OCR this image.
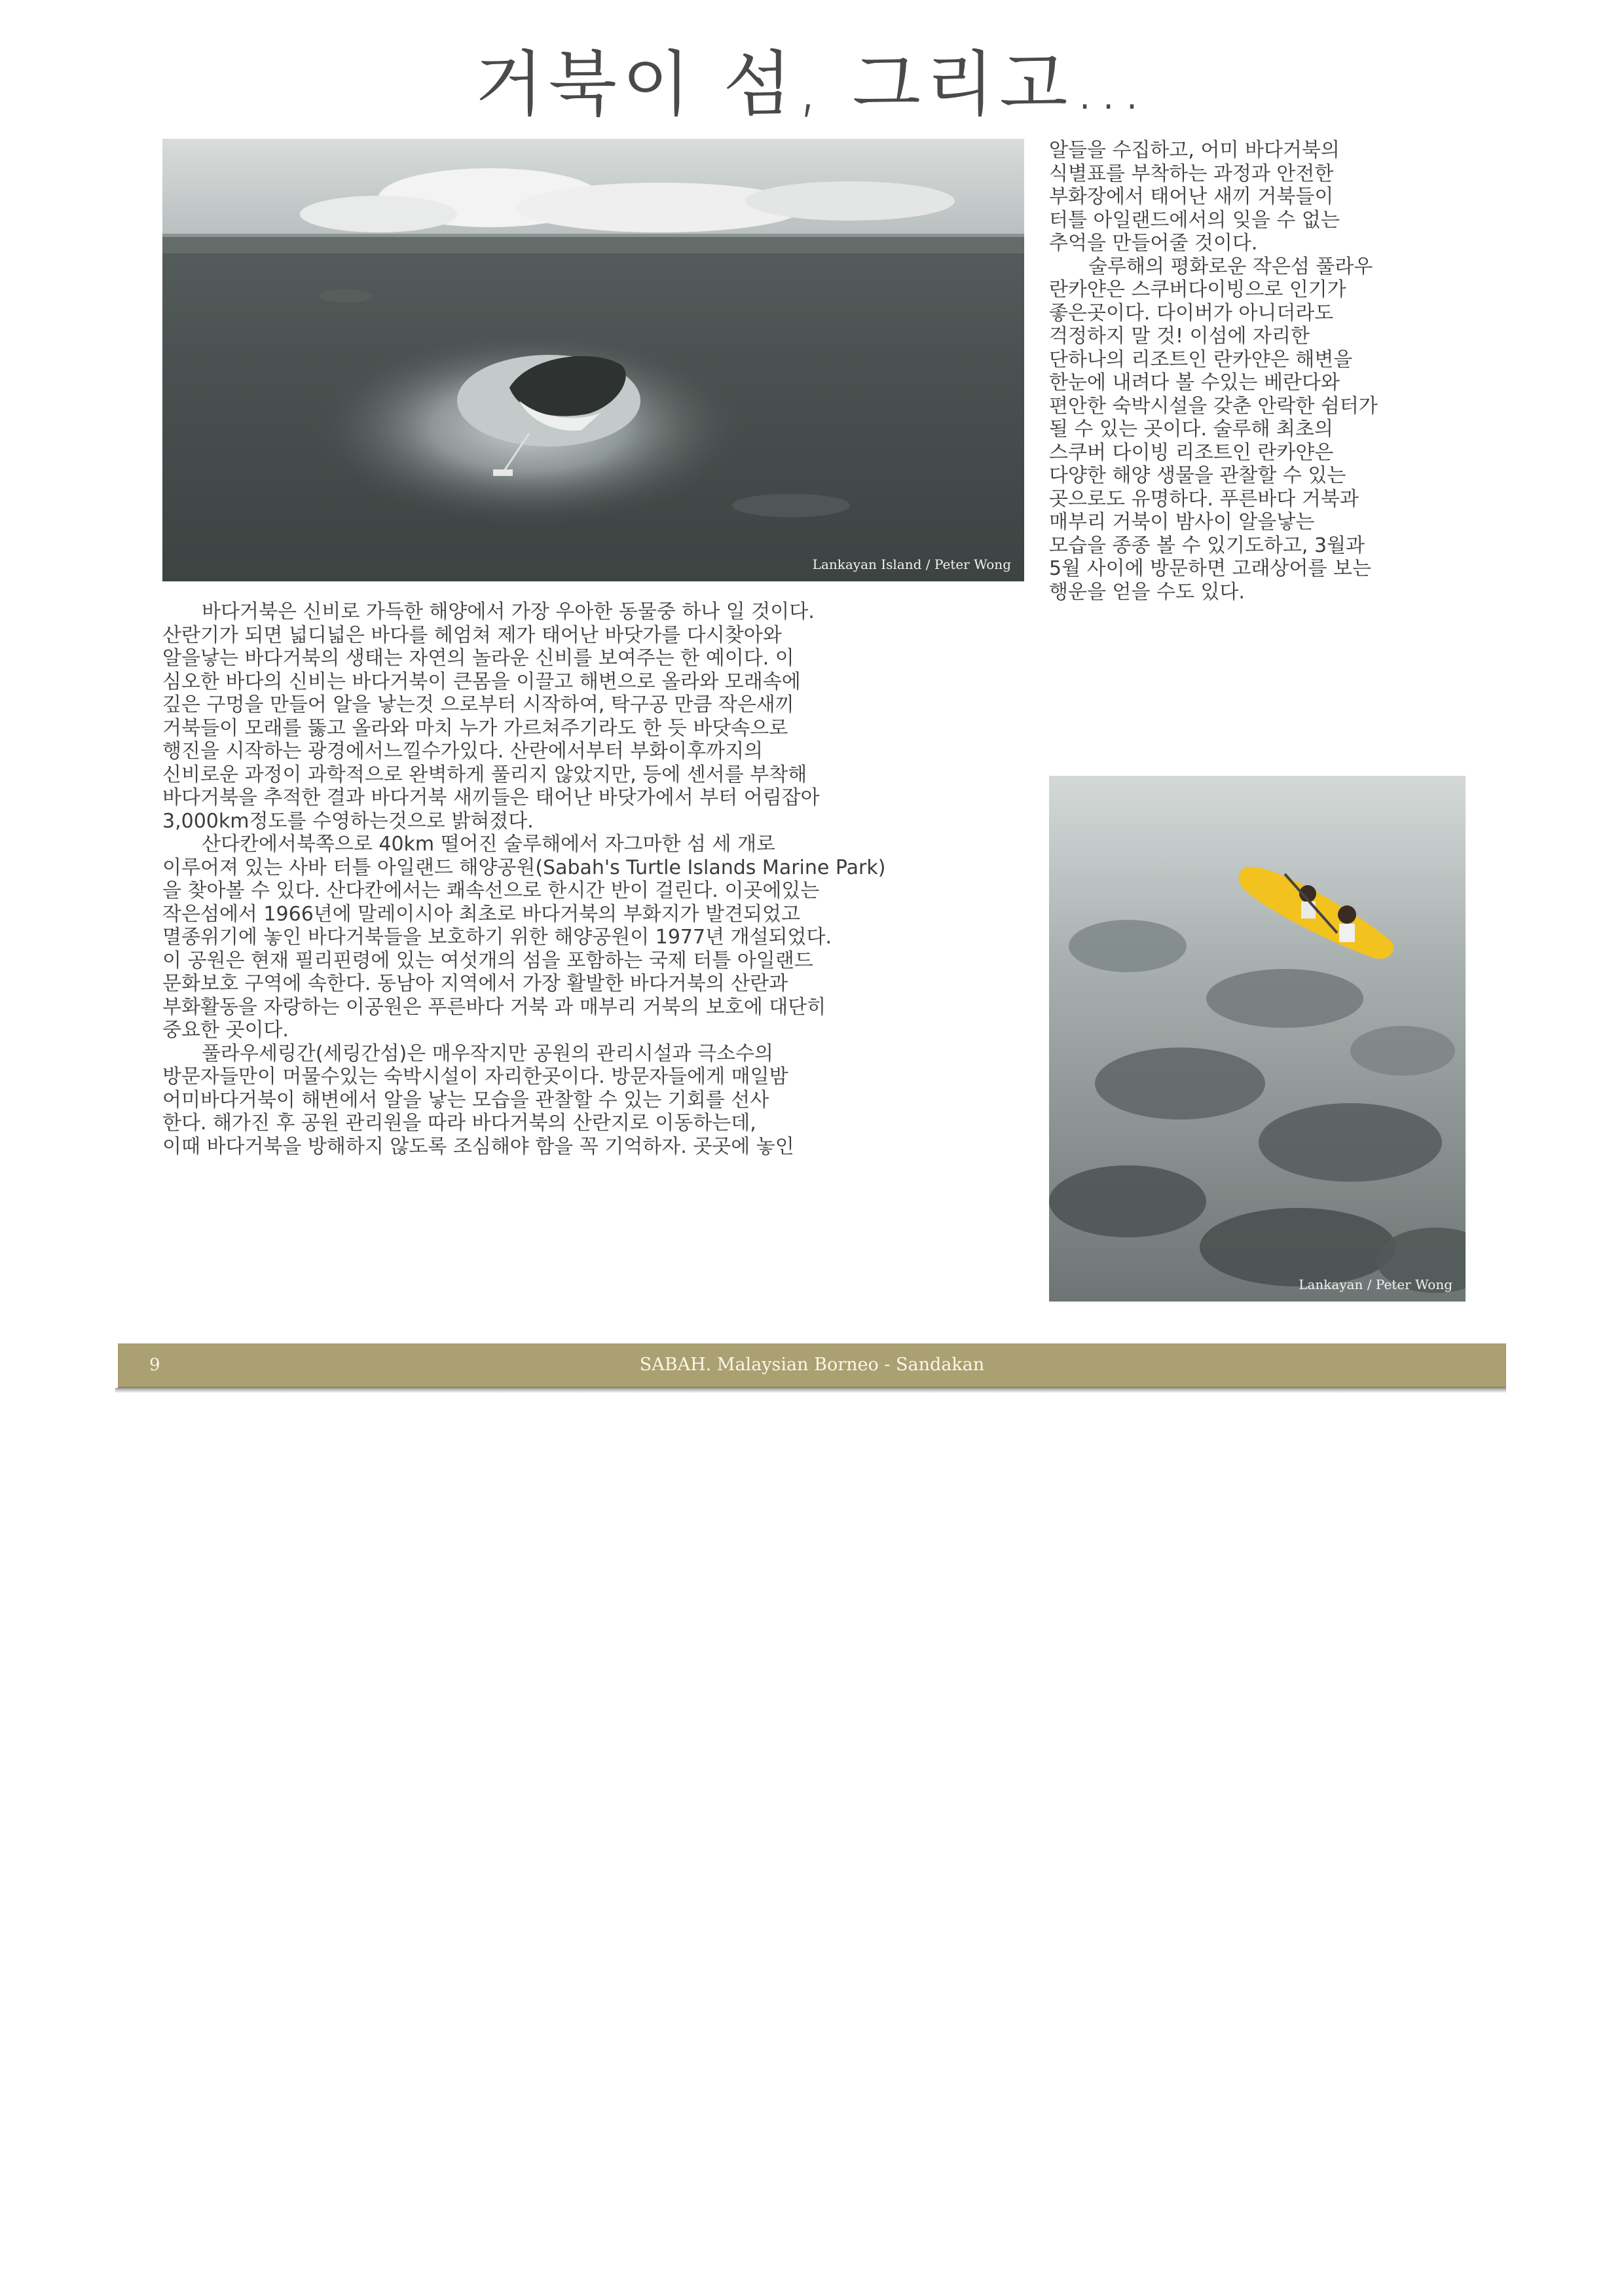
거북이 섬, 그리고…
Lankayan Island / Peter Wong
바다거북은 신비로 가득한 해양에서 가장 우아한 동물중 하나 일 것이다.
산란기가 되면 넓디넓은 바다를 헤엄쳐 제가 태어난 바닷가를 다시찾아와
알을낳는 바다거북의 생태는 자연의 놀라운 신비를 보여주는 한 예이다. 이
심오한 바다의 신비는 바다거북이 큰몸을 이끌고 해변으로 올라와 모래속에
깊은 구멍을 만들어 알을 낳는것 으로부터 시작하여, 탁구공 만큼 작은새끼
거북들이 모래를 뚫고 올라와 마치 누가 가르쳐주기라도 한 듯 바닷속으로
행진을 시작하는 광경에서느낄수가있다. 산란에서부터 부화이후까지의
신비로운 과정이 과학적으로 완벽하게 풀리지 않았지만, 등에 센서를 부착해
바다거북을 추적한 결과 바다거북 새끼들은 태어난 바닷가에서 부터 어림잡아
3,000km정도를 수영하는것으로 밝혀졌다.
산다칸에서북쪽으로 40km 떨어진 술루해에서 자그마한 섬 세 개로
이루어져 있는 사바 터틀 아일랜드 해양공원(Sabah's Turtle Islands Marine Park)
을 찾아볼 수 있다. 산다칸에서는 쾌속선으로 한시간 반이 걸린다. 이곳에있는
작은섬에서 1966년에 말레이시아 최초로 바다거북의 부화지가 발견되었고
멸종위기에 놓인 바다거북들을 보호하기 위한 해양공원이 1977년 개설되었다.
이 공원은 현재 필리핀령에 있는 여섯개의 섬을 포함하는 국제 터틀 아일랜드
문화보호 구역에 속한다. 동남아 지역에서 가장 활발한 바다거북의 산란과
부화활동을 자랑하는 이공원은 푸른바다 거북 과 매부리 거북의 보호에 대단히
중요한 곳이다.
풀라우세링간(세링간섬)은 매우작지만 공원의 관리시설과 극소수의
방문자들만이 머물수있는 숙박시설이 자리한곳이다. 방문자들에게 매일밤
어미바다거북이 해변에서 알을 낳는 모습을 관찰할 수 있는 기회를 선사
한다. 해가진 후 공원 관리원을 따라 바다거북의 산란지로 이동하는데,
이때 바다거북을 방해하지 않도록 조심해야 함을 꼭 기억하자. 곳곳에 놓인
알들을 수집하고, 어미 바다거북의
식별표를 부착하는 과정과 안전한
부화장에서 태어난 새끼 거북들이
터틀 아일랜드에서의 잊을 수 없는
추억을 만들어줄 것이다.
술루해의 평화로운 작은섬 풀라우
란카얀은 스쿠버다이빙으로 인기가
좋은곳이다. 다이버가 아니더라도
걱정하지 말 것! 이섬에 자리한
단하나의 리조트인 란카얀은 해변을
한눈에 내려다 볼 수있는 베란다와
편안한 숙박시설을 갖춘 안락한 쉼터가
될 수 있는 곳이다. 술루해 최초의
스쿠버 다이빙 리조트인 란카얀은
다양한 해양 생물을 관찰할 수 있는
곳으로도 유명하다. 푸른바다 거북과
매부리 거북이 밤사이 알을낳는
모습을 종종 볼 수 있기도하고, 3월과
5월 사이에 방문하면 고래상어를 보는
행운을 얻을 수도 있다.
Lankayan / Peter Wong
9	SABAH. Malaysian Borneo - Sandakan
